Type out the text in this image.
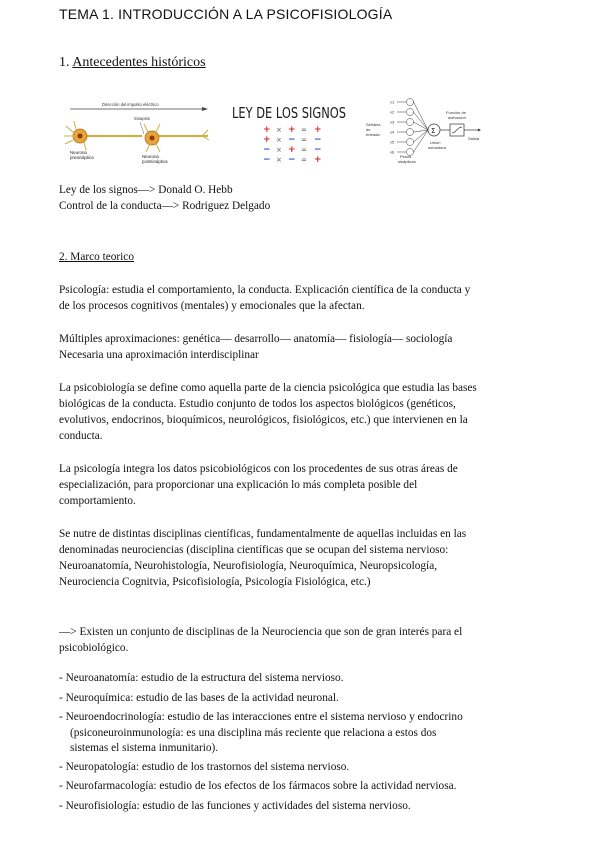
TEMA 1. INTRODUCCIÓN A LA PSICOFISIOLOGÍA
1. Antecedentes históricos
Dirección del impulso eléctrico
Sinapsis
Neurona
presináptica	Neurona
postsináptica
LEY DE LOS SIGNOS
+ × + = +
+ × − = −
− × + = −
− × − = +
x1
x2
x3
x4
x5
x6
Σ
Función de
activación
Unión
sumadora
Salida
Señales
de
entrada
Pesos
sinápticos
Ley de los signos—> Donald O. Hebb
Control de la conducta—> Rodriguez Delgado
2. Marco teorico
Psicología: estudia el comportamiento, la conducta. Explicación científica de la conducta y
de los procesos cognitivos (mentales) y emocionales que la afectan.
Múltiples aproximaciones: genética— desarrollo— anatomía— fisiología— sociología
Necesaria una aproximación interdisciplinar
La psicobiología se define como aquella parte de la ciencia psicológica que estudia las bases
biológicas de la conducta. Estudio conjunto de todos los aspectos biológicos (genéticos,
evolutivos, endocrinos, bioquímicos, neurológicos, fisiológicos, etc.) que intervienen en la
conducta.
La psicología integra los datos psicobiológicos con los procedentes de sus otras áreas de
especialización, para proporcionar una explicación lo más completa posible del
comportamiento.
Se nutre de distintas disciplinas científicas, fundamentalmente de aquellas incluidas en las
denominadas neurociencias (disciplina científicas que se ocupan del sistema nervioso:
Neuroanatomía, Neurohistología, Neurofisiología, Neuroquímica, Neuropsicología,
Neurociencia Cognitvia, Psicofisiología, Psicología Fisiológica, etc.)
—> Existen un conjunto de disciplinas de la Neurociencia que son de gran interés para el
psicobiológico.
- Neuroanatomía: estudio de la estructura del sistema nervioso.
- Neuroquímica: estudio de las bases de la actividad neuronal.
- Neuroendocrinología: estudio de las interacciones entre el sistema nervioso y endocrino
(psiconeuroinmunología: es una disciplina más reciente que relaciona a estos dos
sistemas el sistema inmunitario).
- Neuropatología: estudio de los trastornos del sistema nervioso.
- Neurofarmacología: estudio de los efectos de los fármacos sobre la actividad nerviosa.
- Neurofisiología: estudio de las funciones y actividades del sistema nervioso.
